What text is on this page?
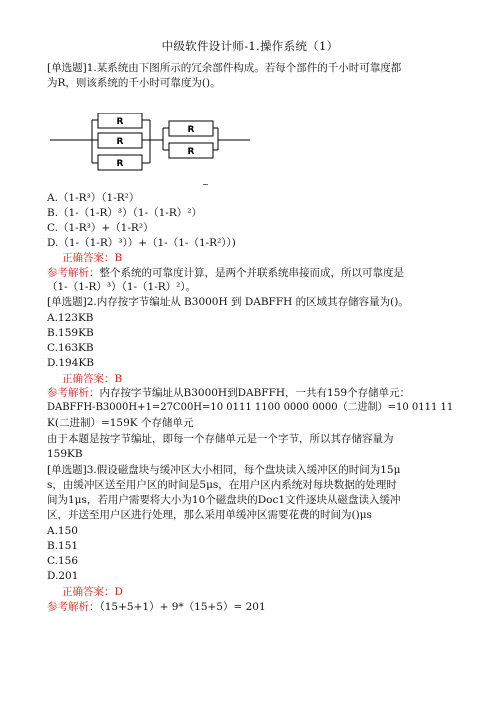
中级软件设计师-1.操作系统（1）
[单选题]1.某系统由下图所示的冗余部件构成。若每个部件的千小时可靠度都
为R，则该系统的千小时可靠度为()。
R
R
R
R
R
~
A.（1-R³）（1-R²）
B.（1-（1-R）³）（1-（1-R）²）
C.（1-R³）+（1-R²）
D.（1-（1-R）³））+（1-（1-（1-R²））)
正确答案：B
参考解析：整个系统的可靠度计算，是两个并联系统串接而成，所以可靠度是
（1-（1-R）³）（1-（1-R）²）。
[单选题]2.内存按字节编址从 B3000H 到 DABFFH 的区域其存储容量为()。
A.123KB
B.159KB
C.163KB
D.194KB
正确答案：B
参考解析：内存按字节编址从B3000H到DABFFH，一共有159个存储单元：
DABFFH-B3000H+1=27C00H=10 0111 1100 0000 0000（二进制）=10 0111 11
K(二进制）=159K 个存储单元
由于本题是按字节编址，即每一个存储单元是一个字节，所以其存储容量为
159KB
[单选题]3.假设磁盘块与缓冲区大小相同，每个盘块读入缓冲区的时间为15μ
s，由缓冲区送至用户区的时间是5μs，在用户区内系统对每块数据的处理时
间为1μs，若用户需要将大小为10个磁盘块的Doc1文件逐块从磁盘读入缓冲
区，并送至用户区进行处理，那么采用单缓冲区需要花费的时间为()μs
A.150
B.151
C.156
D.201
正确答案：D
参考解析：（15+5+1）+ 9*（15+5）= 201
